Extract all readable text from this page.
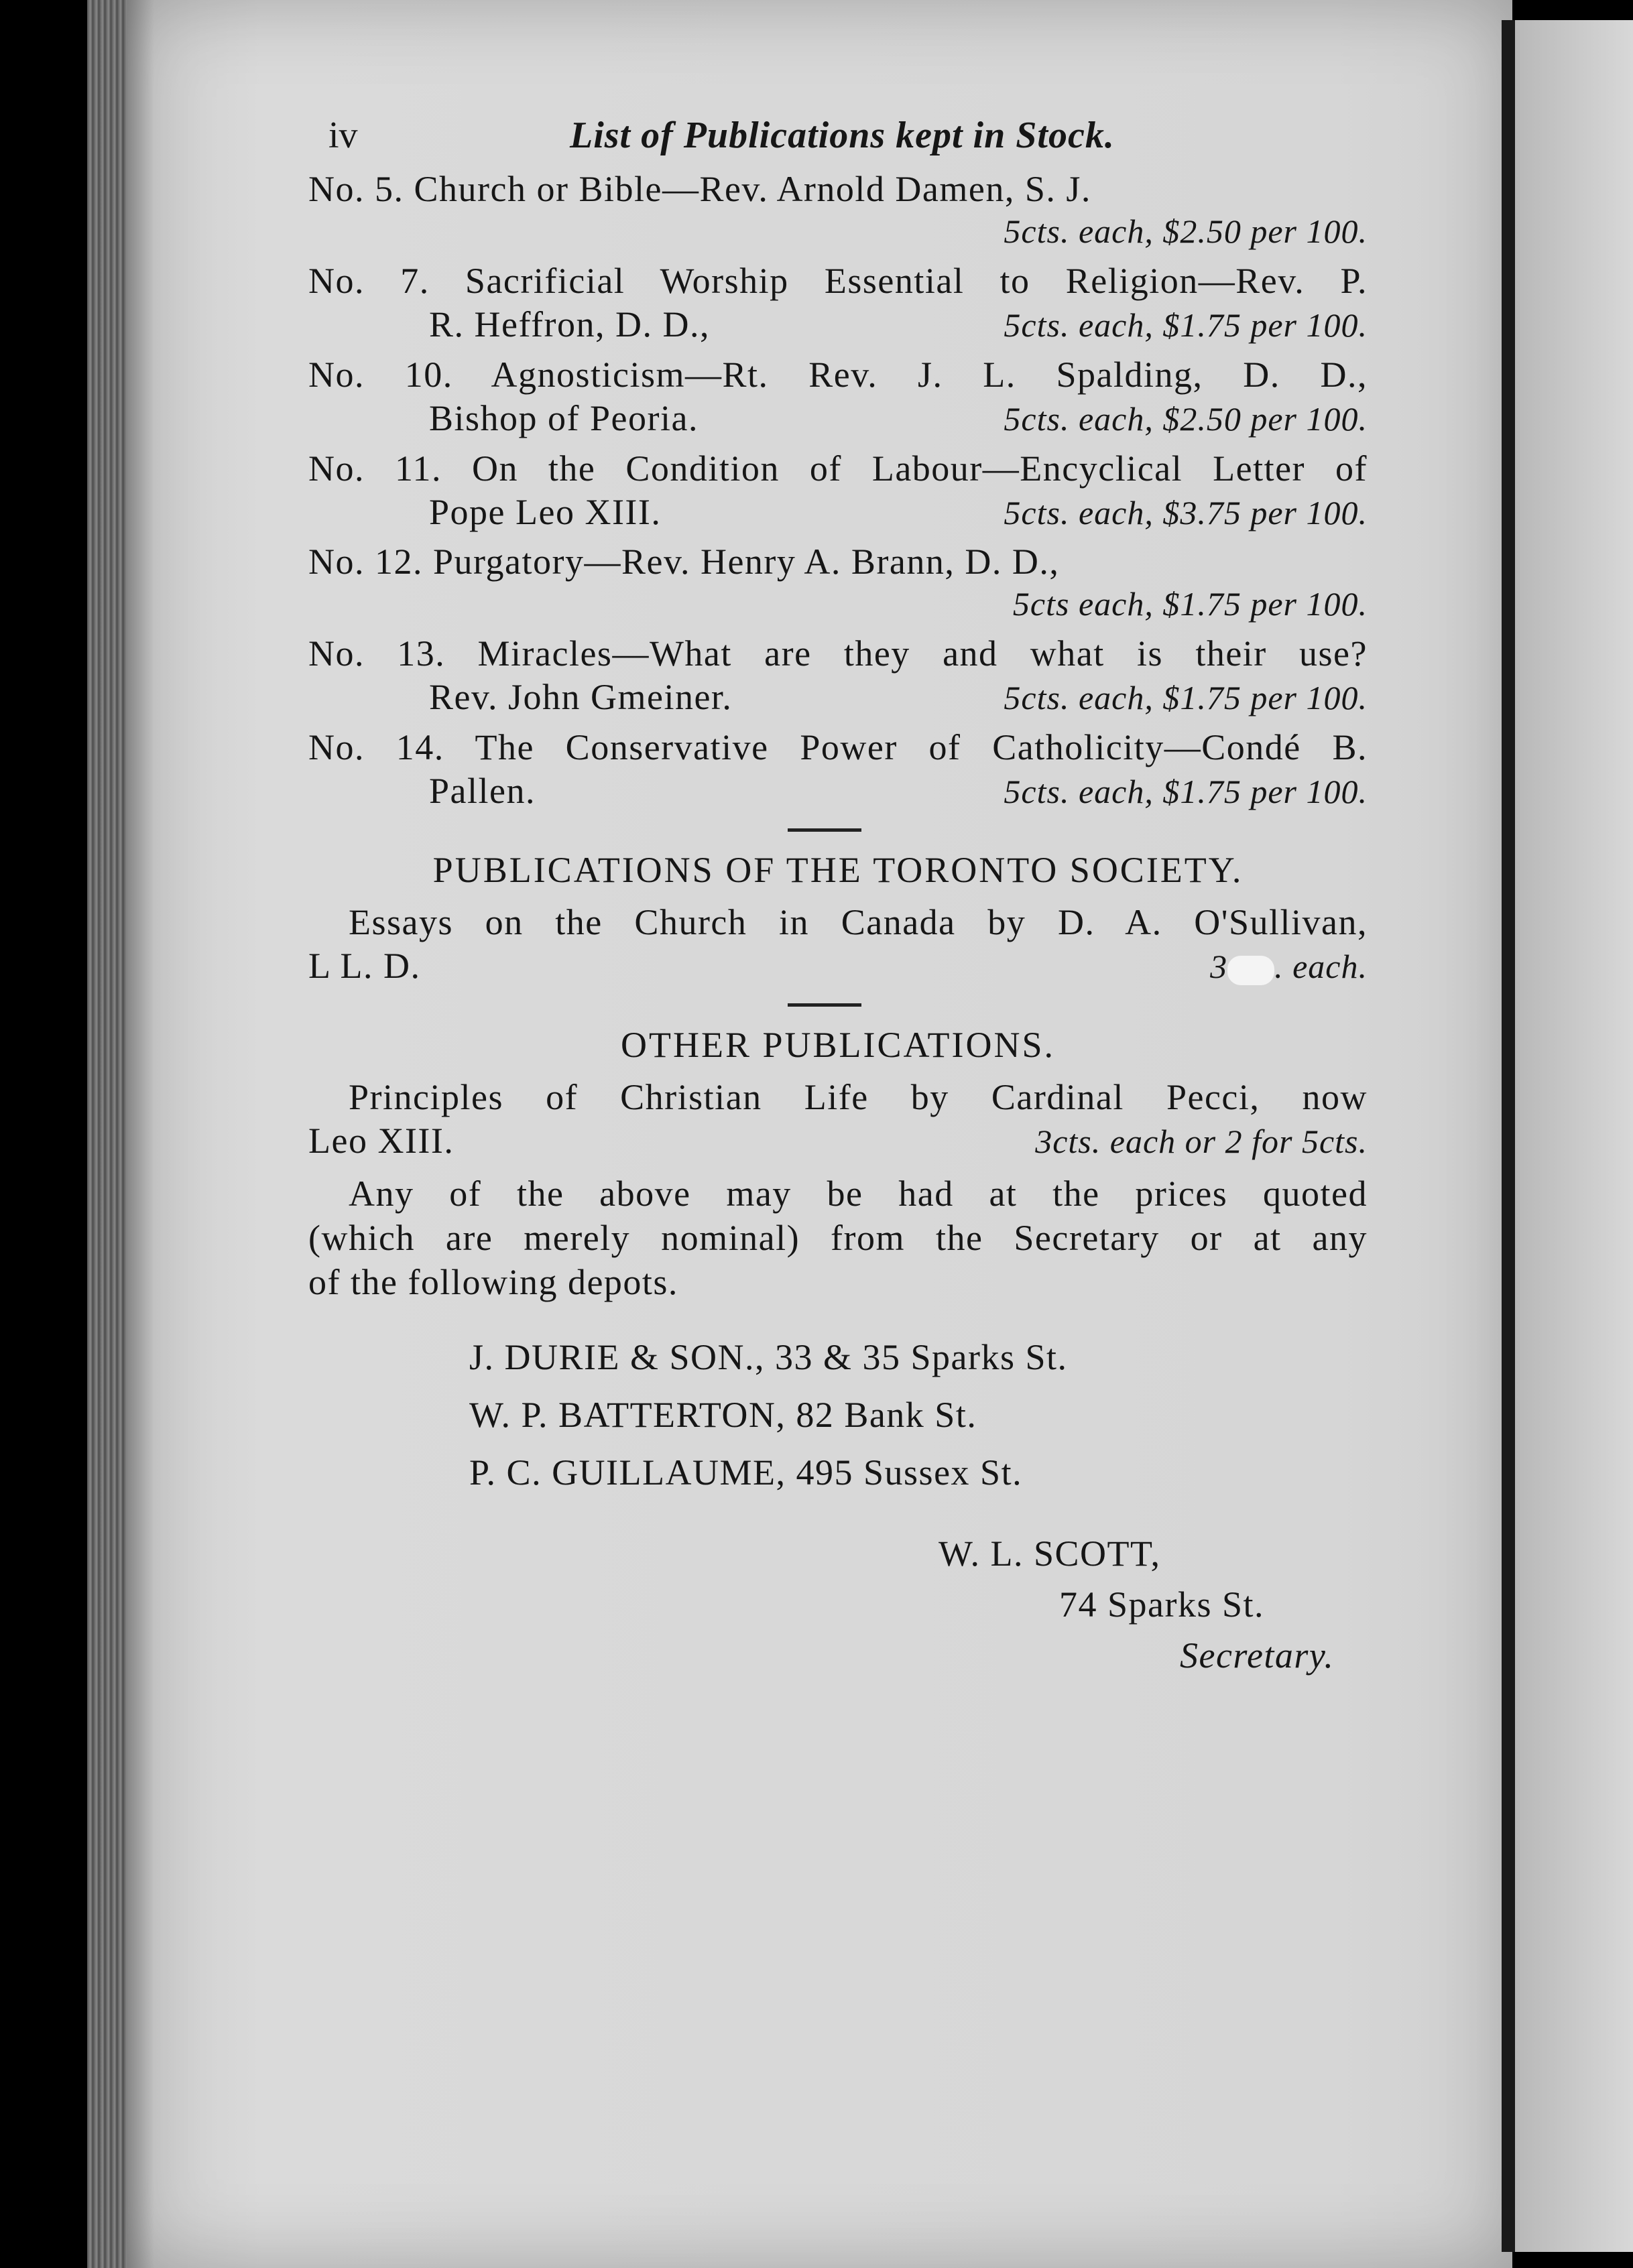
iv	List of Publications kept in Stock.
No. 5. Church or Bible—Rev. Arnold Damen, S. J.
5cts. each, $2.50 per 100.
No. 7. Sacrificial Worship Essential to Religion—Rev. P.
R. Heffron, D. D.,	5cts. each, $1.75 per 100.
No. 10. Agnosticism—Rt. Rev. J. L. Spalding, D. D.,
Bishop of Peoria.	5cts. each, $2.50 per 100.
No. 11. On the Condition of Labour—Encyclical Letter of
Pope Leo XIII.	5cts. each, $3.75 per 100.
No. 12. Purgatory—Rev. Henry A. Brann, D. D.,
5cts each, $1.75 per 100.
No. 13. Miracles—What are they and what is their use?
Rev. John Gmeiner.	5cts. each, $1.75 per 100.
No. 14. The Conservative Power of Catholicity—Condé B.
Pallen.	5cts. each, $1.75 per 100.
PUBLICATIONS OF THE TORONTO SOCIETY.
Essays on the Church in Canada by D. A. O'Sullivan,
L L. D.	3 . each.
OTHER PUBLICATIONS.
Principles of Christian Life by Cardinal Pecci, now
Leo XIII.	3cts. each or 2 for 5cts.
Any of the above may be had at the prices quoted
(which are merely nominal) from the Secretary or at any
of the following depots.
J. DURIE & SON., 33 & 35 Sparks St.
W. P. BATTERTON, 82 Bank St.
P. C. GUILLAUME, 495 Sussex St.
W. L. SCOTT,
74 Sparks St.
Secretary.
